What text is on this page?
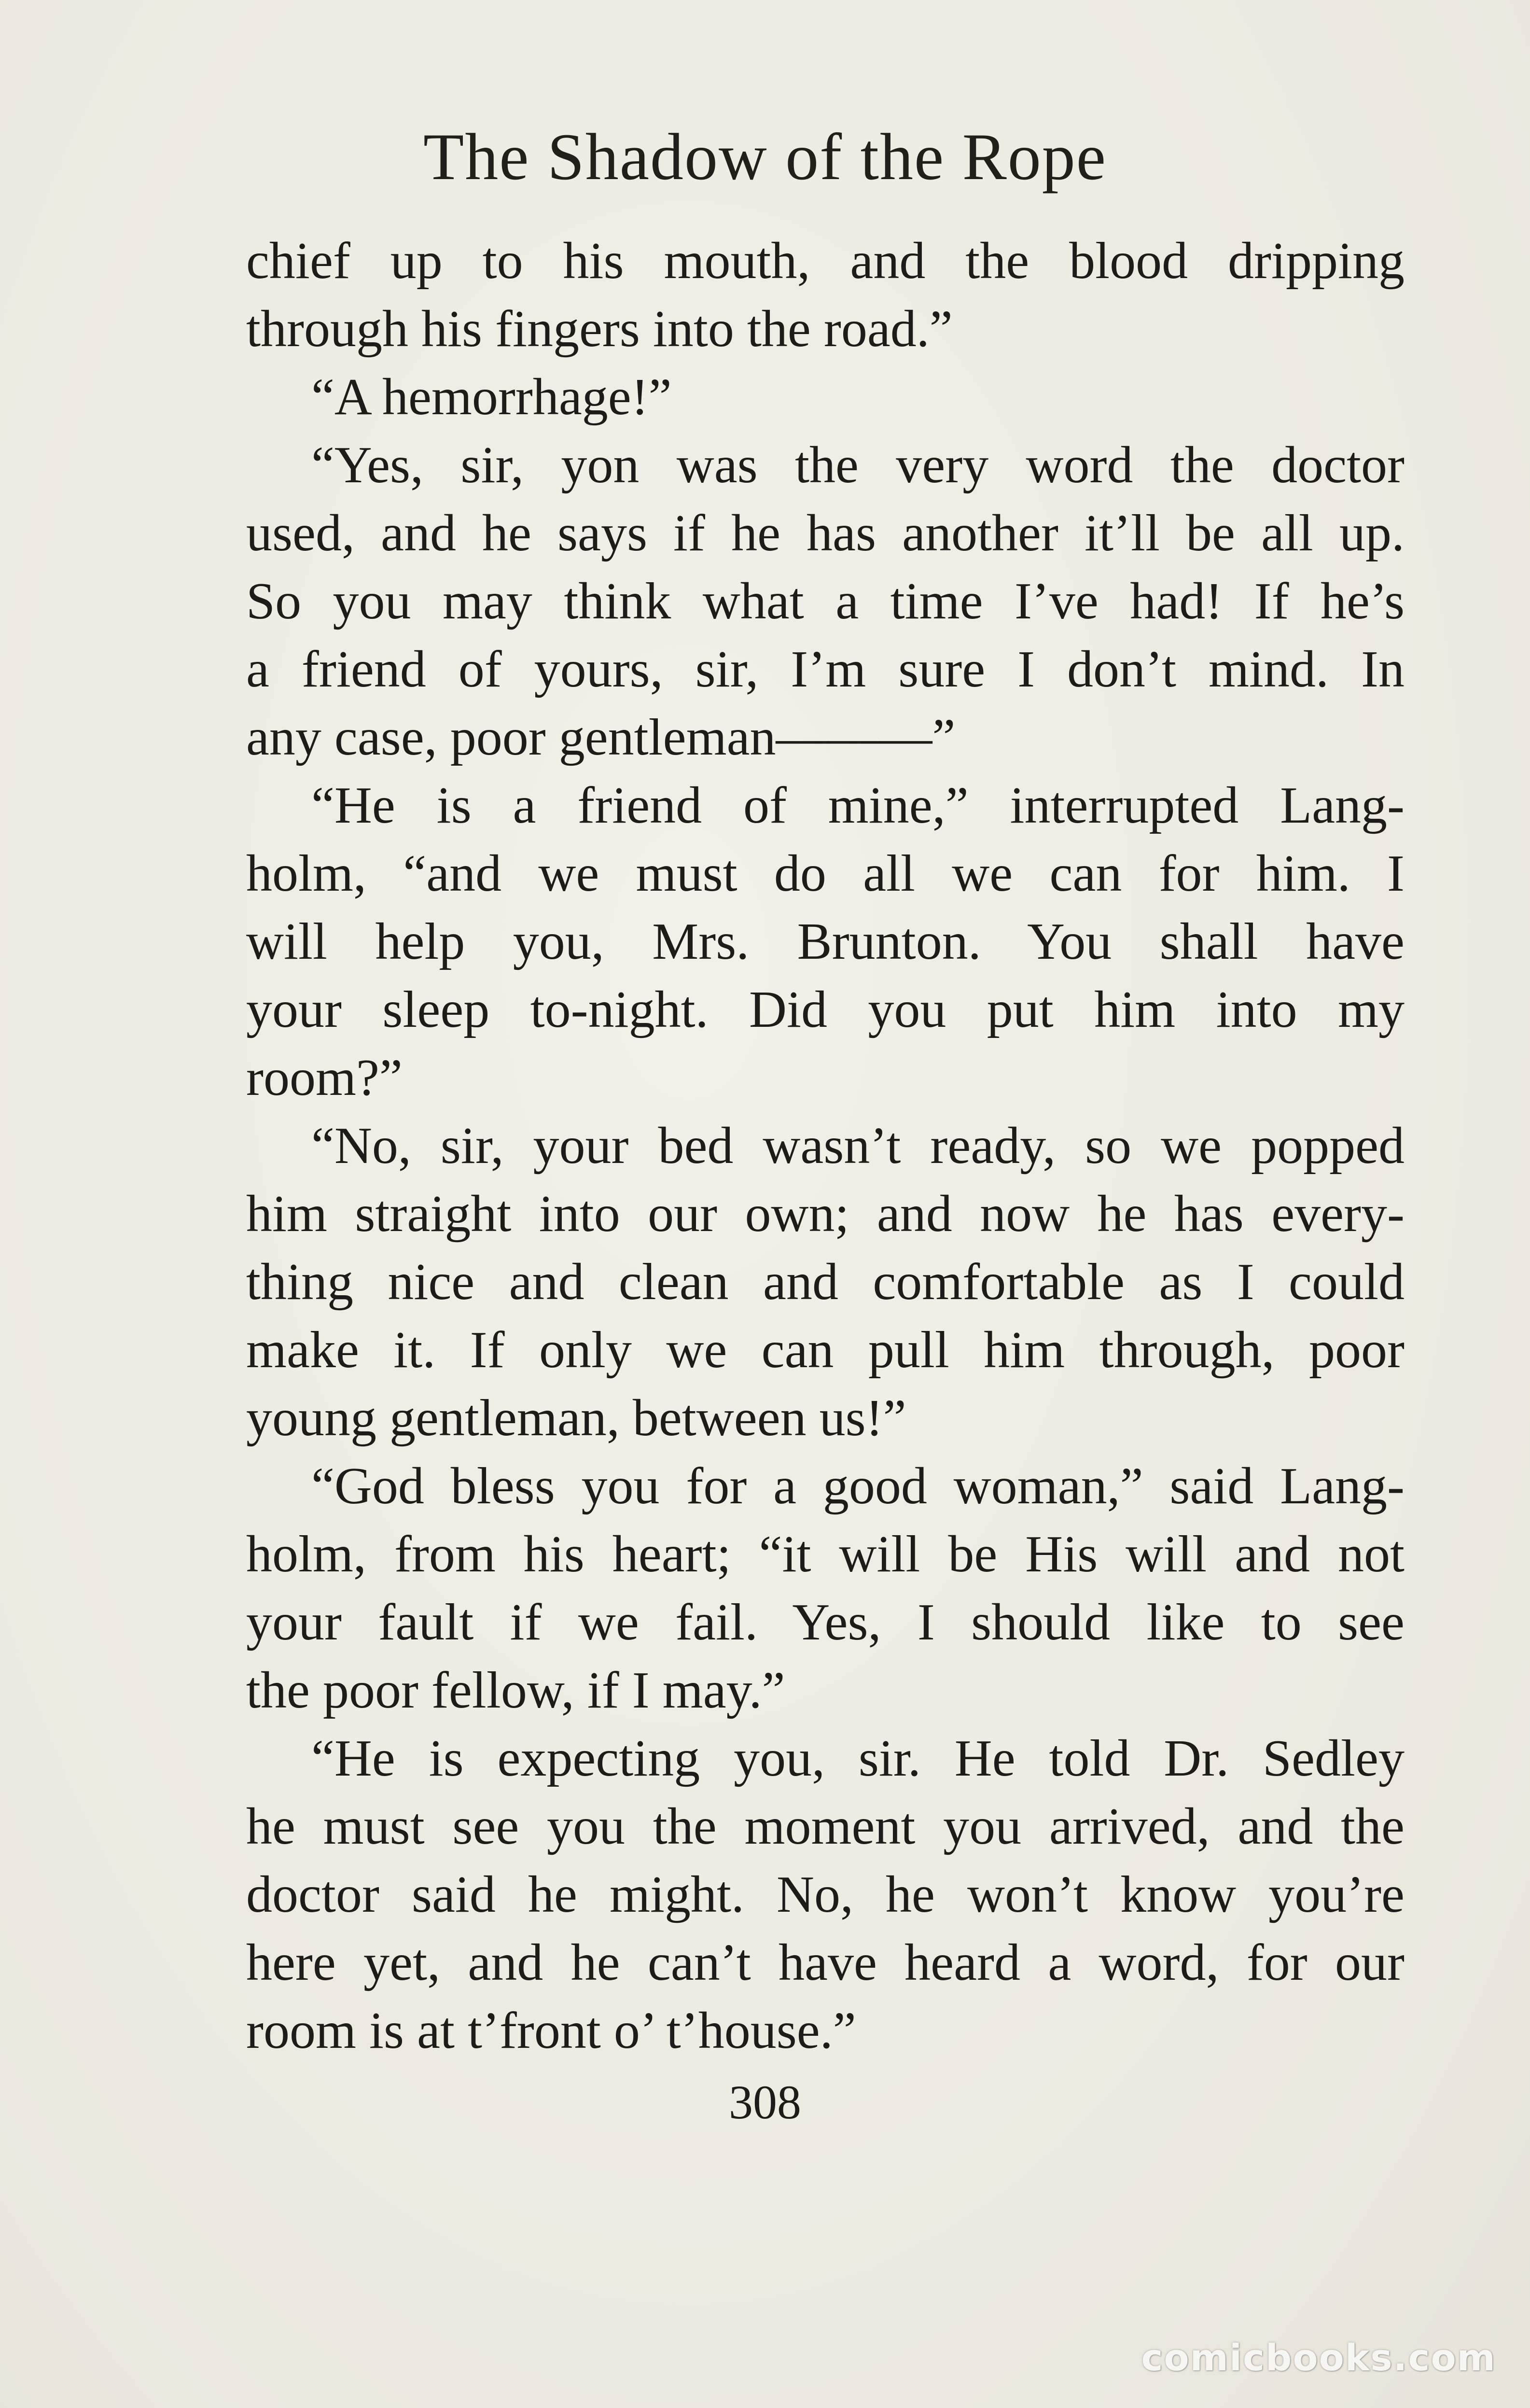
The Shadow of the Rope
chief up to his mouth, and the blood dripping
through his fingers into the road.”
“A hemorrhage!”
“Yes, sir, yon was the very word the doctor
used, and he says if he has another it’ll be all up.
So you may think what a time I’ve had! If he’s
a friend of yours, sir, I’m sure I don’t mind. In
any case, poor gentleman———”
“He is a friend of mine,” interrupted Lang-
holm, “and we must do all we can for him. I
will help you, Mrs. Brunton. You shall have
your sleep to-night. Did you put him into my
room?”
“No, sir, your bed wasn’t ready, so we popped
him straight into our own; and now he has every-
thing nice and clean and comfortable as I could
make it. If only we can pull him through, poor
young gentleman, between us!”
“God bless you for a good woman,” said Lang-
holm, from his heart; “it will be His will and not
your fault if we fail. Yes, I should like to see
the poor fellow, if I may.”
“He is expecting you, sir. He told Dr. Sedley
he must see you the moment you arrived, and the
doctor said he might. No, he won’t know you’re
here yet, and he can’t have heard a word, for our
room is at t’front o’ t’house.”
308
comicbooks.com
